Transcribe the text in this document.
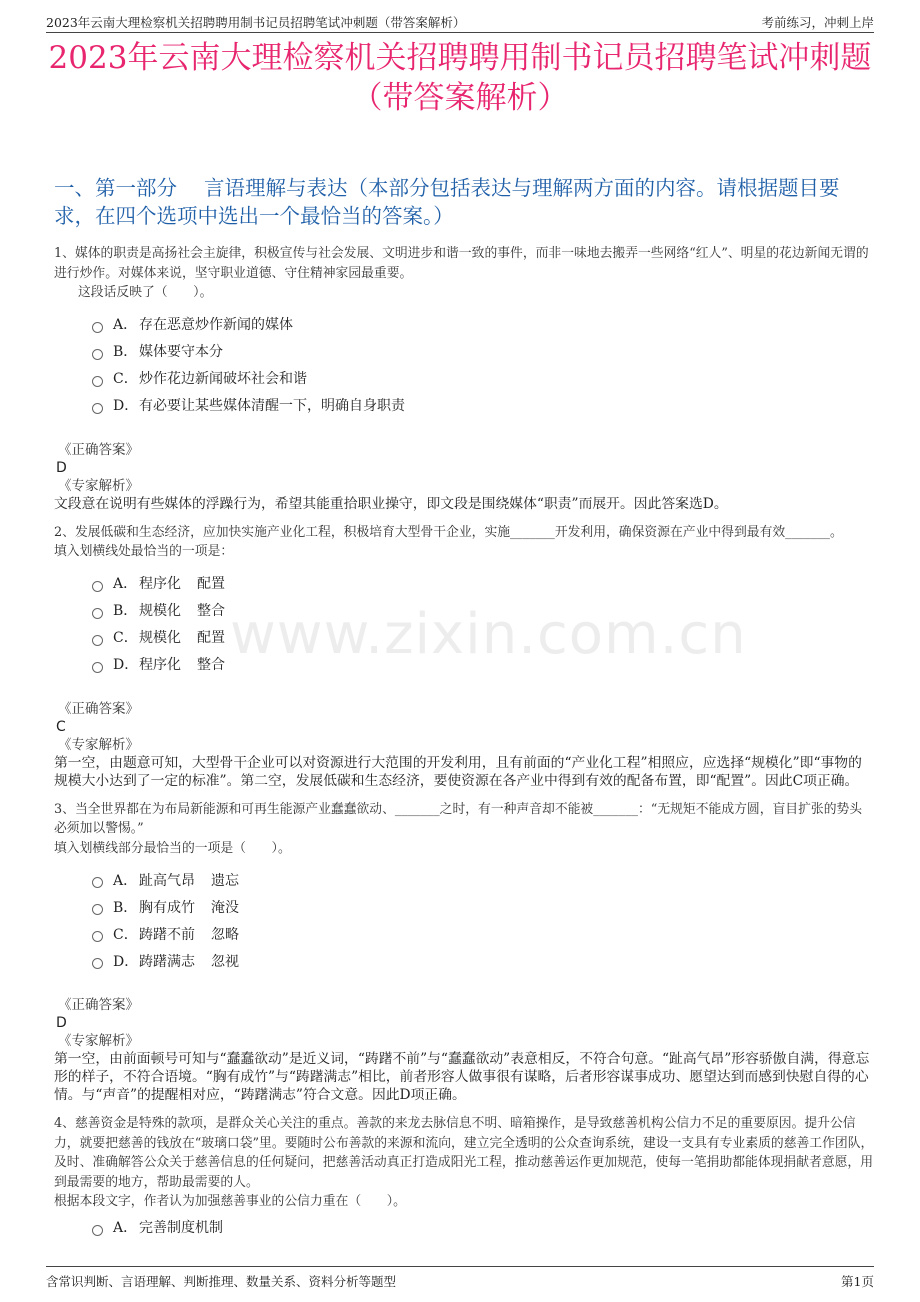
2023年云南大理检察机关招聘聘用制书记员招聘笔试冲刺题（带答案解析）	考前练习，冲刺上岸
2023年云南大理检察机关招聘聘用制书记员招聘笔试冲刺题
（带答案解析）
一、第一部分　 言语理解与表达（本部分包括表达与理解两方面的内容。请根据题目要求，在四个选项中选出一个最恰当的答案。）
www.zixin.com.cn

1、媒体的职责是高扬社会主旋律，积极宣传与社会发展、文明进步和谐一致的事件，而非一味地去搬弄一些网络“红人”、明星的花边新闻无谓的进行炒作。对媒体来说，坚守职业道德、守住精神家园最重要。

这段话反映了（　　）。

A． 存在恶意炒作新闻的媒体
B． 媒体要守本分
C． 炒作花边新闻破坏社会和谐
D． 有必要让某些媒体清醒一下，明确自身职责

《正确答案》

D

《专家解析》

文段意在说明有些媒体的浮躁行为，希望其能重拾职业操守，即文段是围绕媒体“职责”而展开。因此答案选D。

2、发展低碳和生态经济，应加快实施产业化工程，积极培育大型骨干企业，实施_______开发利用，确保资源在产业中得到最有效_______。

填入划横线处最恰当的一项是：

A． 程序化 配置
B． 规模化 整合
C． 规模化 配置
D． 程序化 整合

《正确答案》

C

《专家解析》

第一空，由题意可知，大型骨干企业可以对资源进行大范围的开发利用，且有前面的“产业化工程”相照应，应选择“规模化”即“事物的规模大小达到了一定的标准”。第二空，发展低碳和生态经济，要使资源在各产业中得到有效的配备布置，即“配置”。因此C项正确。

3、当全世界都在为布局新能源和可再生能源产业蠢蠢欲动、_______之时，有一种声音却不能被_______：“无规矩不能成方圆，盲目扩张的势头必须加以警惕。”

填入划横线部分最恰当的一项是（　　）。

A． 趾高气昂 遗忘
B． 胸有成竹 淹没
C． 踌躇不前 忽略
D． 踌躇满志 忽视

《正确答案》

D

《专家解析》

第一空，由前面顿号可知与“蠢蠢欲动”是近义词，“踌躇不前”与“蠢蠢欲动”表意相反，不符合句意。“趾高气昂”形容骄傲自满，得意忘形的样子，不符合语境。“胸有成竹”与“踌躇满志”相比，前者形容人做事很有谋略，后者形容谋事成功、愿望达到而感到快慰自得的心情。与“声音”的提醒相对应，“踌躇满志”符合文意。因此D项正确。

4、慈善资金是特殊的款项，是群众关心关注的重点。善款的来龙去脉信息不明、暗箱操作，是导致慈善机构公信力不足的重要原因。提升公信力，就要把慈善的钱放在“玻璃口袋”里。要随时公布善款的来源和流向，建立完全透明的公众查询系统，建设一支具有专业素质的慈善工作团队，及时、准确解答公众关于慈善信息的任何疑问，把慈善活动真正打造成阳光工程，推动慈善运作更加规范，使每一笔捐助都能体现捐献者意愿，用到最需要的地方，帮助最需要的人。

根据本段文字，作者认为加强慈善事业的公信力重在（　　）。

A． 完善制度机制
含常识判断、言语理解、判断推理、数量关系、资料分析等题型	第1页
